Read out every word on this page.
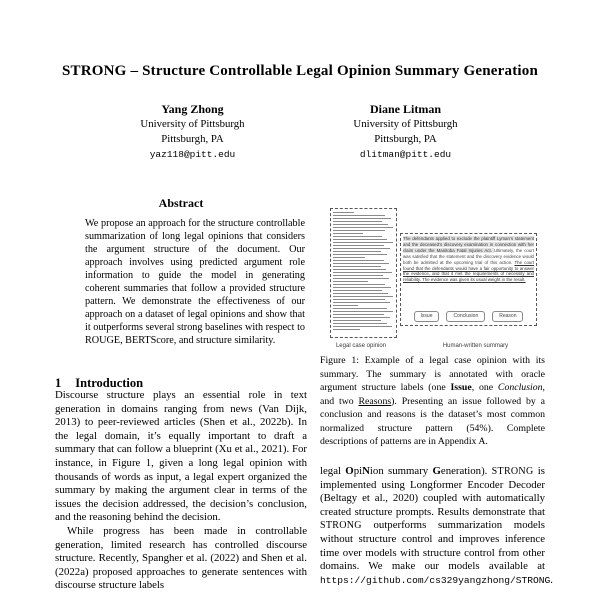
STRONG – Structure Controllable Legal Opinion Summary Generation
Yang Zhong
University of Pittsburgh
Pittsburgh, PA
yaz118@pitt.edu
Diane Litman
University of Pittsburgh
Pittsburgh, PA
dlitman@pitt.edu
Abstract
We propose an approach for the structure controllable summarization of long legal opinions that considers the argument structure of the document. Our approach involves using predicted argument role information to guide the model in generating coherent summaries that follow a provided structure pattern. We demonstrate the effectiveness of our approach on a dataset of legal opinions and show that it outperforms several strong baselines with respect to ROUGE, BERTScore, and structure similarity.
1 Introduction

Discourse structure plays an essential role in text generation in domains ranging from news (Van Dijk, 2013) to peer-reviewed articles (Shen et al., 2022b). In the legal domain, it’s equally important to draft a summary that can follow a blueprint (Xu et al., 2021). For instance, in Figure 1, given a long legal opinion with thousands of words as input, a legal expert organized the summary by making the argument clear in terms of the issues the decision addressed, the decision’s conclusion, and the reasoning behind the decision.

While progress has been made in controllable generation, limited research has controlled discourse structure. Recently, Spangher et al. (2022) and Shen et al. (2022a) proposed approaches to generate sentences with discourse structure labels

The defendants applied to exclude the plaintiff Lyman’s statement and the deceased’s discovery examination in connection with her claim under the Manitoba Fatal Injuries Act. Ultimately, the court was satisfied that the statement and the discovery evidence would both be admitted at the upcoming trial of this action. The court found that the defendants would have a fair opportunity to answer the evidence, and that it met the requirements of necessity and reliability. The evidence was given its usual weight in the result.
Issue	Conclusion	Reason
Legal case opinion	Human-written summary
Figure 1: Example of a legal case opinion with its summary. The summary is annotated with oracle argument structure labels (one Issue, one Conclusion, and two Reasons). Presenting an issue followed by a conclusion and reasons is the dataset’s most common normalized structure pattern (54%). Complete descriptions of patterns are in Appendix A.
legal OpiNion summary Generation). STRONG is implemented using Longformer Encoder Decoder (Beltagy et al., 2020) coupled with automatically created structure prompts. Results demonstrate that STRONG outperforms summarization models without structure control and improves inference time over models with structure control from other domains. We make our models available at https://github.com/cs329yangzhong/STRONG.
